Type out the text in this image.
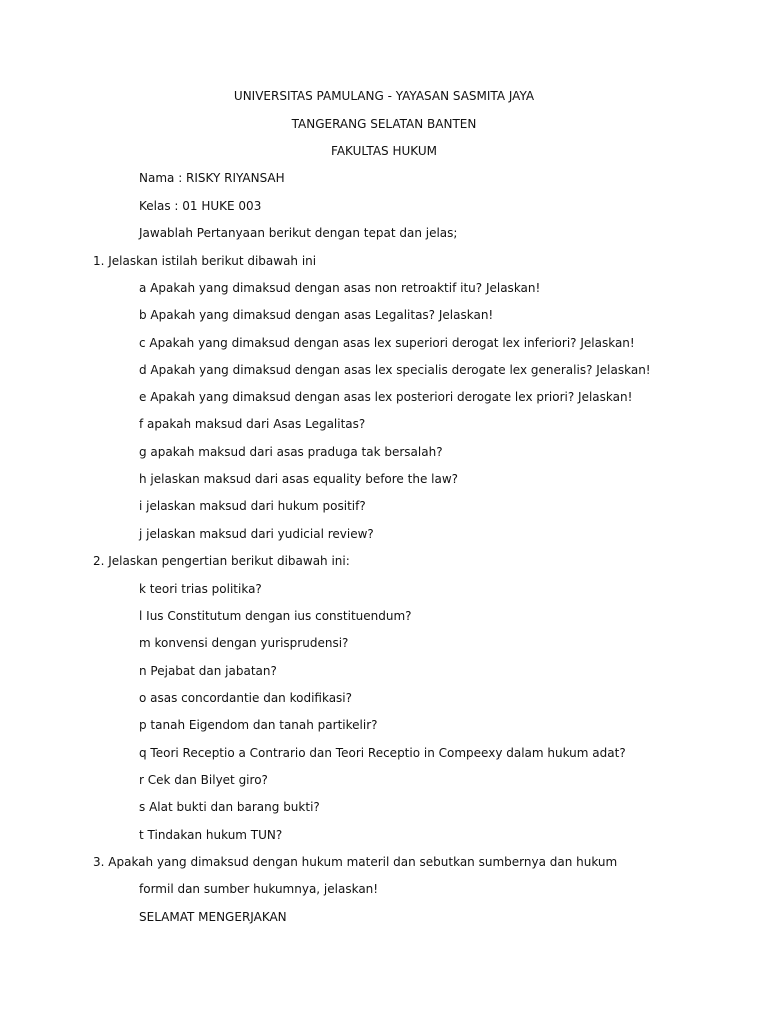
UNIVERSITAS PAMULANG - YAYASAN SASMITA JAYA
TANGERANG SELATAN BANTEN
FAKULTAS HUKUM
Nama : RISKY RIYANSAH
Kelas : 01 HUKE 003
Jawablah Pertanyaan berikut dengan tepat dan jelas;
1. Jelaskan istilah berikut dibawah ini
a Apakah yang dimaksud dengan asas non retroaktif itu? Jelaskan!
b Apakah yang dimaksud dengan asas Legalitas? Jelaskan!
c Apakah yang dimaksud dengan asas lex superiori derogat lex inferiori? Jelaskan!
d Apakah yang dimaksud dengan asas lex specialis derogate lex generalis? Jelaskan!
e Apakah yang dimaksud dengan asas lex posteriori derogate lex priori? Jelaskan!
f apakah maksud dari Asas Legalitas?
g apakah maksud dari asas praduga tak bersalah?
h jelaskan maksud dari asas equality before the law?
i jelaskan maksud dari hukum positif?
j jelaskan maksud dari yudicial review?
2. Jelaskan pengertian berikut dibawah ini:
k teori trias politika?
l Ius Constitutum dengan ius constituendum?
m konvensi dengan yurisprudensi?
n Pejabat dan jabatan?
o asas concordantie dan kodifikasi?
p tanah Eigendom dan tanah partikelir?
q Teori Receptio a Contrario dan Teori Receptio in Compeexy dalam hukum adat?
r Cek dan Bilyet giro?
s Alat bukti dan barang bukti?
t Tindakan hukum TUN?
3. Apakah yang dimaksud dengan hukum materil dan sebutkan sumbernya dan hukum
formil dan sumber hukumnya, jelaskan!
SELAMAT MENGERJAKAN
